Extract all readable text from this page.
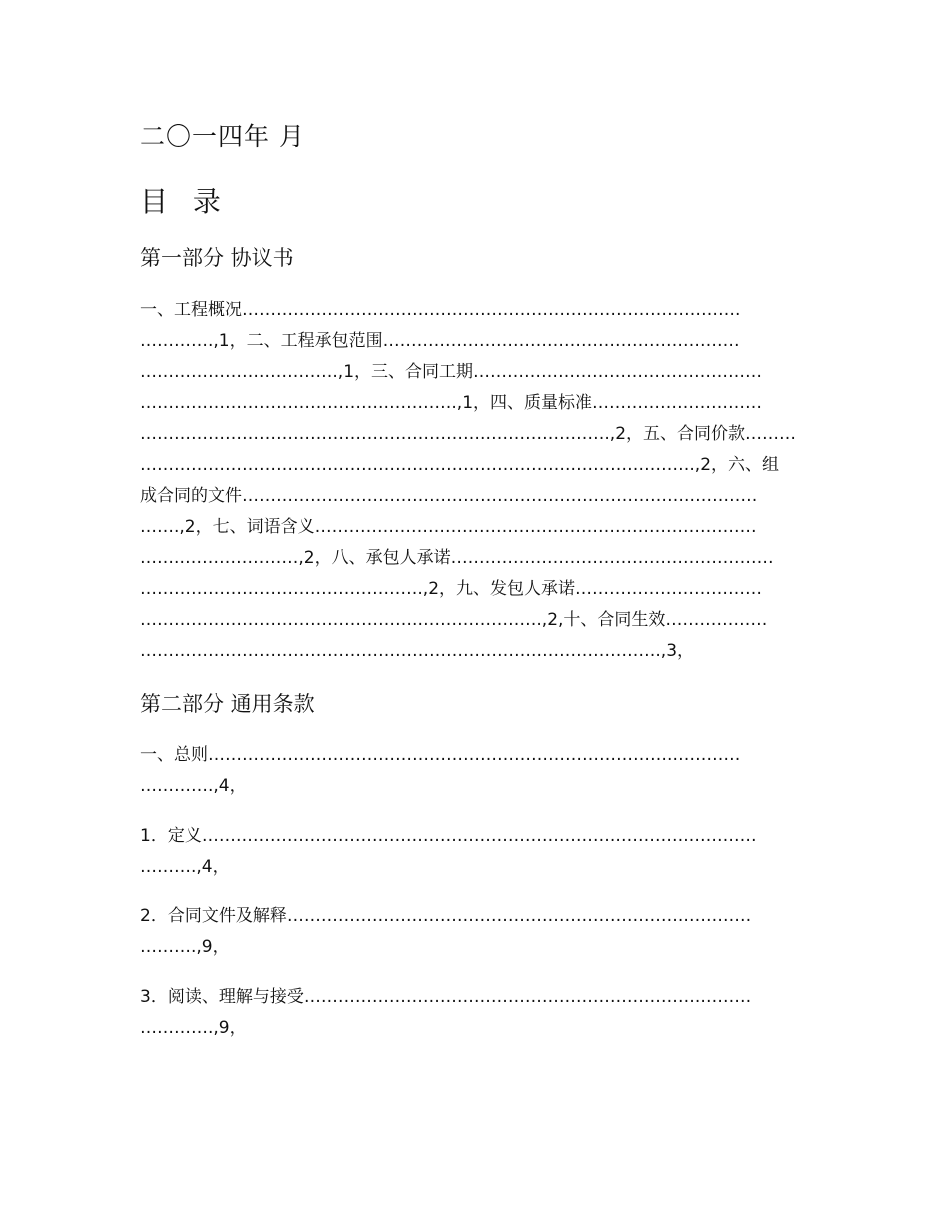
二〇一四年 月
目 录
第一部分 协议书
一、工程概况…………………………………………………………………………….
………….,1，二、工程承包范围………………………………………………………
………………….………….,1，三、合同工期……………………………………………
…………………………………….………….,1，四、质量标准…………………………
…………………………………………………….………………….,2，五、合同价款………
………………………………………………………………….………………….,2，六、组
成合同的文件…………………………………………………………………….…………
…….,2，七、词语含义……………………………………………………………………
…….…………………,2，八、承包人承诺…………………………………………………
………………………….……………….,2，九、发包人承诺……………………………
………………………………………….………………….,2,十、合同生效………………
…………………………………………………………….………………….,3，
第二部分 通用条款
一、总则……………………………………………………………………….…………
………….,4，
1．定义……………………………………………………………….………….…………
……….,4，
2．合同文件及解释…………………………………………………………….…………
……….,9，
3．阅读、理解与接受…………………………………………………………….………
………….,9，
